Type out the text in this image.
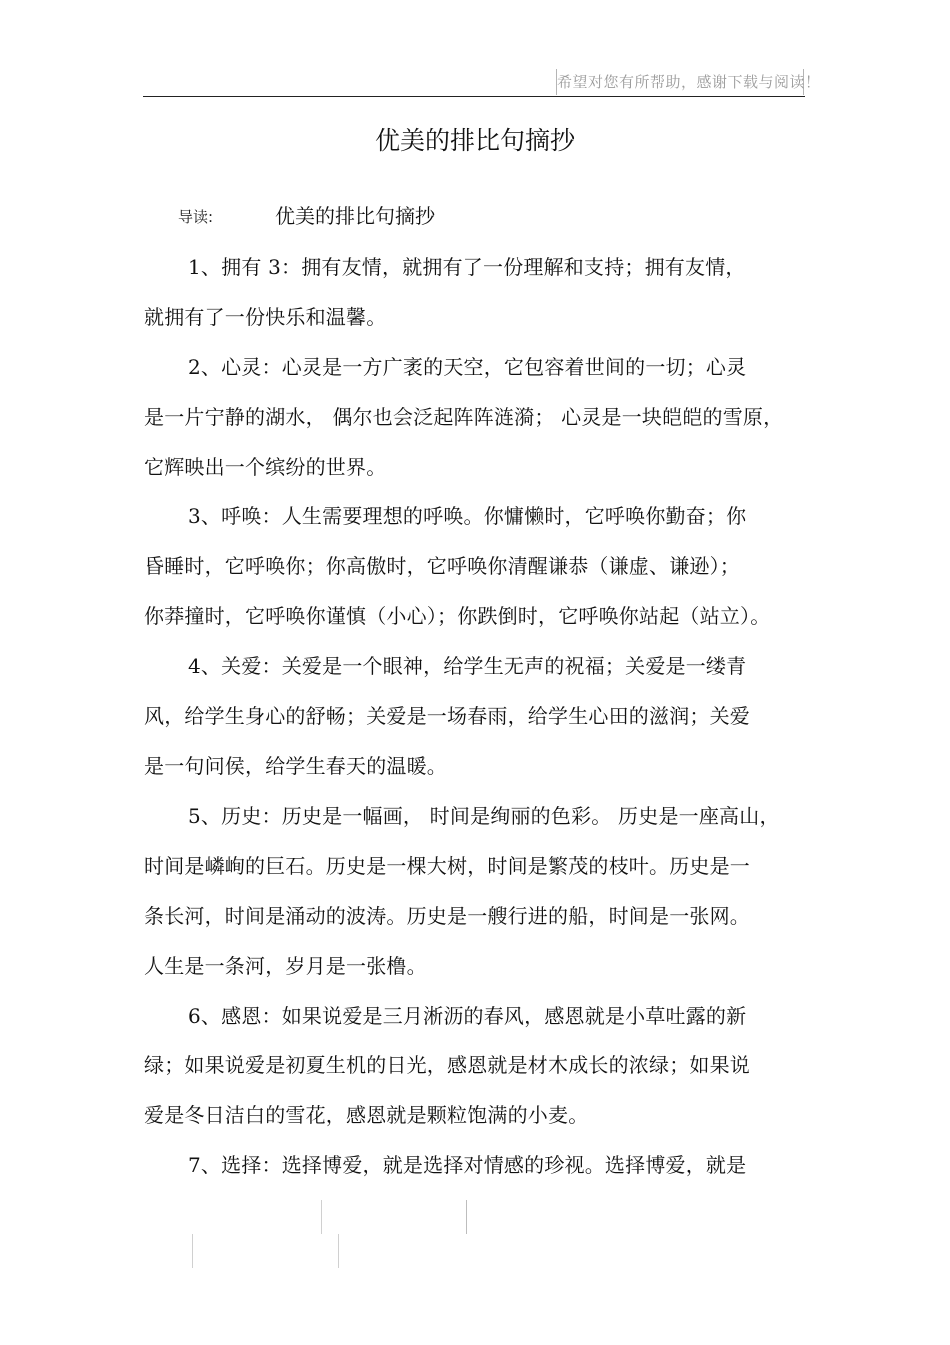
希望对您有所帮助，感谢下载与阅读！
优美的排比句摘抄
导读:	优美的排比句摘抄
1、拥有 3：拥有友情，就拥有了一份理解和支持；拥有友情，
就拥有了一份快乐和温馨。
2、心灵：心灵是一方广袤的天空，它包容着世间的一切；心灵
是一片宁静的湖水， 偶尔也会泛起阵阵涟漪； 心灵是一块皑皑的雪原，
它辉映出一个缤纷的世界。
3、呼唤：人生需要理想的呼唤。你慵懒时，它呼唤你勤奋；你
昏睡时，它呼唤你；你高傲时，它呼唤你清醒谦恭（谦虚、谦逊）；
你莽撞时，它呼唤你谨慎（小心）；你跌倒时，它呼唤你站起（站立）。
4、关爱：关爱是一个眼神，给学生无声的祝福；关爱是一缕青
风，给学生身心的舒畅；关爱是一场春雨，给学生心田的滋润；关爱
是一句问侯，给学生春天的温暖。
5、历史：历史是一幅画， 时间是绚丽的色彩。 历史是一座高山，
时间是嶙峋的巨石。历史是一棵大树，时间是繁茂的枝叶。历史是一
条长河，时间是涌动的波涛。历史是一艘行进的船，时间是一张网。
人生是一条河，岁月是一张橹。
6、感恩：如果说爱是三月淅沥的春风，感恩就是小草吐露的新
绿；如果说爱是初夏生机的日光，感恩就是材木成长的浓绿；如果说
爱是冬日洁白的雪花，感恩就是颗粒饱满的小麦。
7、选择：选择博爱，就是选择对情感的珍视。选择博爱，就是
